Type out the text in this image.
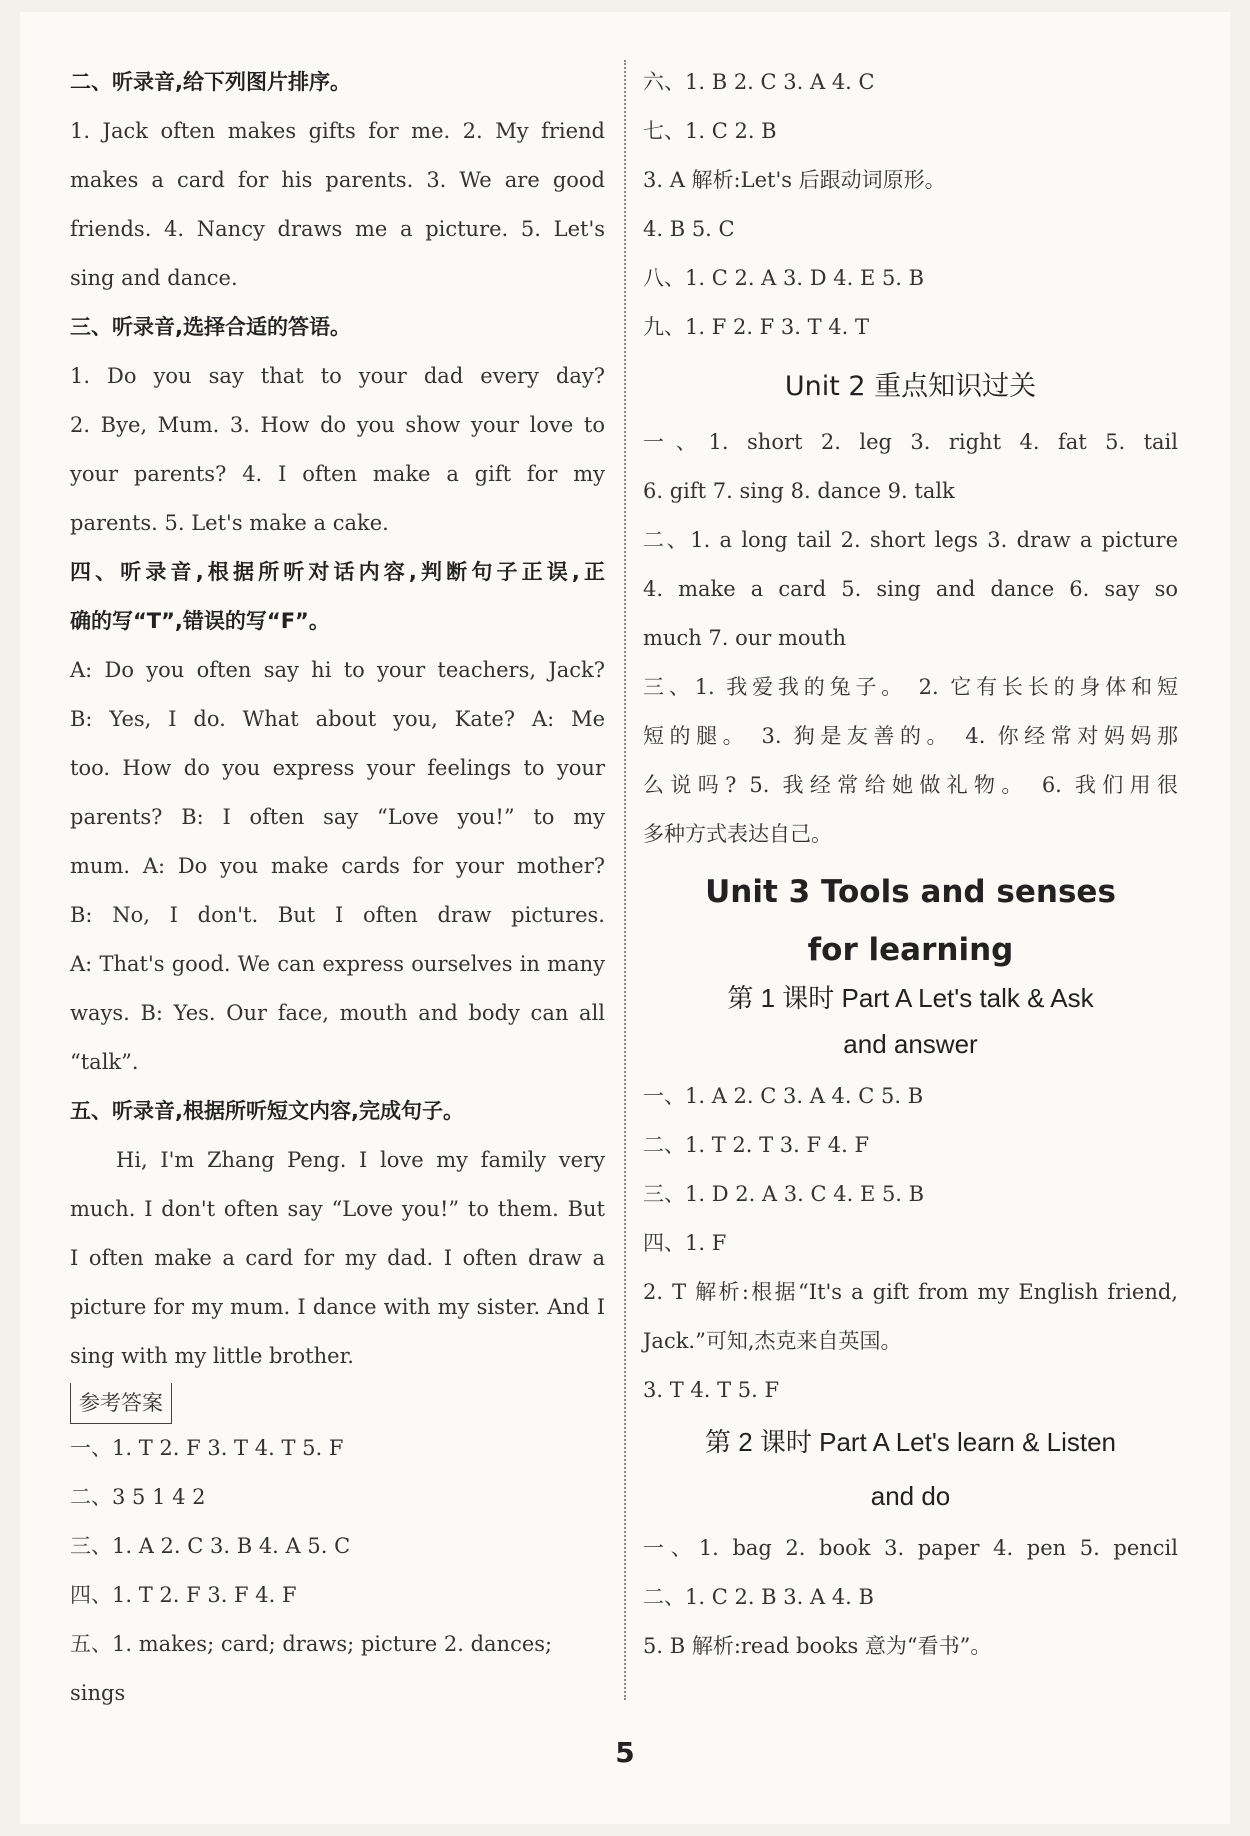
二、听录音,给下列图片排序。
1. Jack often makes gifts for me. 2. My friend
makes a card for his parents. 3. We are good
friends. 4. Nancy draws me a picture. 5. Let's
sing and dance.
三、听录音,选择合适的答语。
1. Do you say that to your dad every day?
2. Bye, Mum. 3. How do you show your love to
your parents? 4. I often make a gift for my
parents. 5. Let's make a cake.
四、听录音,根据所听对话内容,判断句子正误,正
确的写“T”,错误的写“F”。
A: Do you often say hi to your teachers, Jack?
B: Yes, I do. What about you, Kate? A: Me
too. How do you express your feelings to your
parents? B: I often say “Love you!” to my
mum. A: Do you make cards for your mother?
B: No, I don't. But I often draw pictures.
A: That's good. We can express ourselves in many
ways. B: Yes. Our face, mouth and body can all
“talk”.
五、听录音,根据所听短文内容,完成句子。
Hi, I'm Zhang Peng. I love my family very
much. I don't often say “Love you!” to them. But
I often make a card for my dad. I often draw a
picture for my mum. I dance with my sister. And I
sing with my little brother.
参考答案
一、1. T 2. F 3. T 4. T 5. F
二、3 5 1 4 2
三、1. A 2. C 3. B 4. A 5. C
四、1. T 2. F 3. F 4. F
五、1. makes; card; draws; picture 2. dances;
sings
六、1. B 2. C 3. A 4. C
七、1. C 2. B
3. A 解析:Let's 后跟动词原形。
4. B 5. C
八、1. C 2. A 3. D 4. E 5. B
九、1. F 2. F 3. T 4. T
Unit 2 重点知识过关
一、1. short 2. leg 3. right 4. fat 5. tail
6. gift 7. sing 8. dance 9. talk
二、1. a long tail 2. short legs 3. draw a picture
4. make a card 5. sing and dance 6. say so
much 7. our mouth
三、1. 我爱我的兔子。 2. 它有长长的身体和短
短的腿。 3. 狗是友善的。 4. 你经常对妈妈那
么说吗? 5. 我经常给她做礼物。 6. 我们用很
多种方式表达自己。
Unit 3 Tools and senses
for learning
第 1 课时 Part A Let's talk & Ask
and answer
一、1. A 2. C 3. A 4. C 5. B
二、1. T 2. T 3. F 4. F
三、1. D 2. A 3. C 4. E 5. B
四、1. F
2. T 解析:根据“It's a gift from my English friend,
Jack.”可知,杰克来自英国。
3. T 4. T 5. F
第 2 课时 Part A Let's learn & Listen
and do
一、1. bag 2. book 3. paper 4. pen 5. pencil
二、1. C 2. B 3. A 4. B
5. B 解析:read books 意为“看书”。
5
